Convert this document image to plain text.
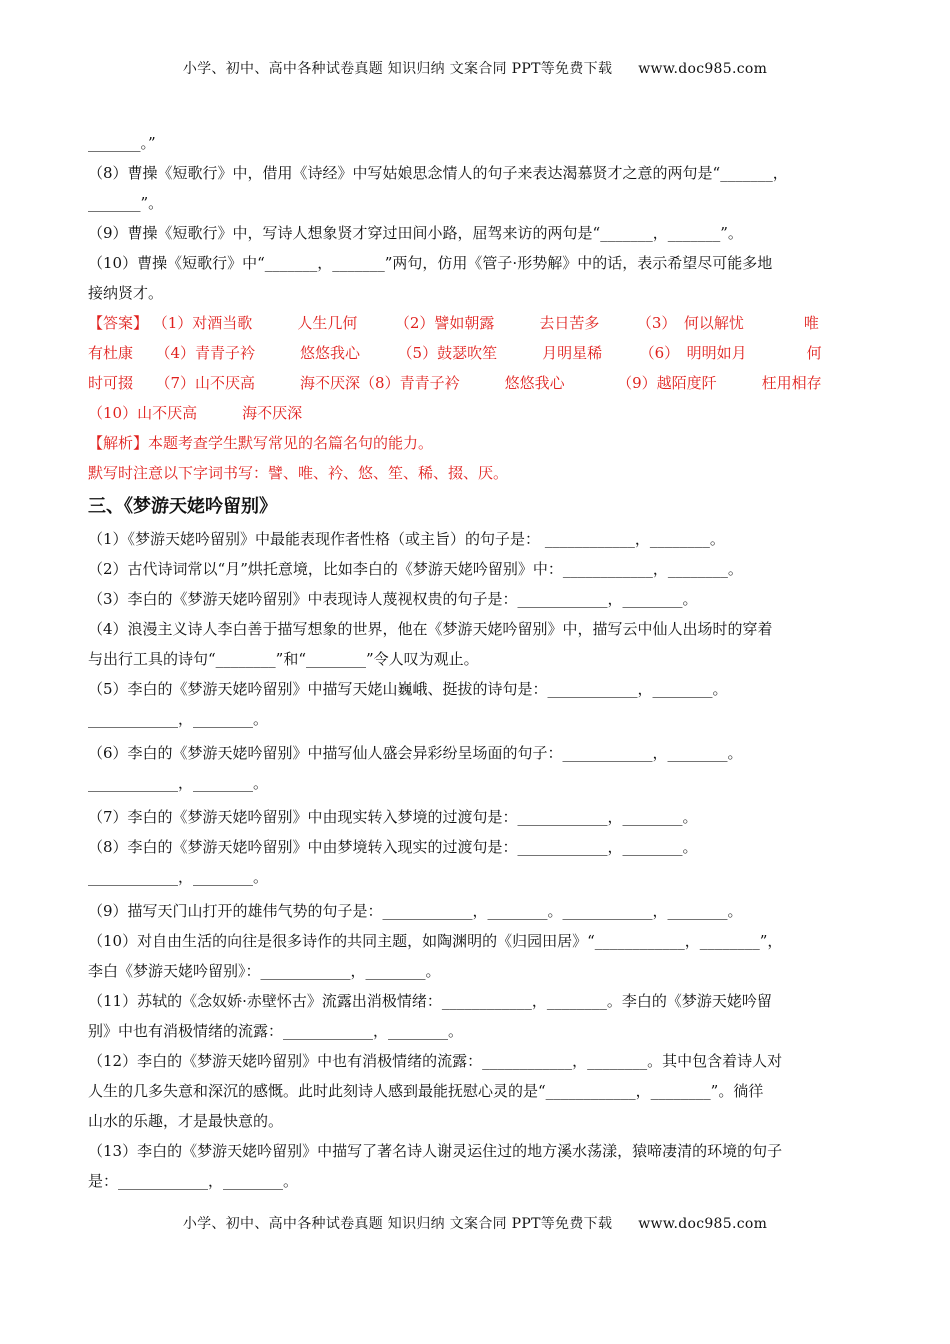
小学、初中、高中各种试卷真题 知识归纳 文案合同 PPT等免费下载 www.doc985.com
_______。”
（8）曹操《短歌行》中，借用《诗经》中写姑娘思念情人的句子来表达渴慕贤才之意的两句是“_______，
_______”。
（9）曹操《短歌行》中，写诗人想象贤才穿过田间小路，屈驾来访的两句是“_______，_______”。
（10）曹操《短歌行》中“_______，_______”两句，仿用《管子·形势解》中的话，表示希望尽可能多地
接纳贤才。
【答案】 （1）对酒当歌　　　人生几何　　　（2）譬如朝露　　　去日苦多　　　（3）　何以解忧　　　　唯
有杜康　　（4）青青子衿　　　悠悠我心　　　（5）鼓瑟吹笙　　　月明星稀　　　（6）　明明如月　　　　何
时可掇　　（7）山不厌高　　　海不厌深（8）青青子衿　　　悠悠我心　　　　（9）越陌度阡　　　枉用相存
（10）山不厌高　　　海不厌深
【解析】本题考查学生默写常见的名篇名句的能力。
默写时注意以下字词书写：譬、唯、衿、悠、笙、稀、掇、厌。
三、《梦游天姥吟留别》
（1）《梦游天姥吟留别》中最能表现作者性格（或主旨）的句子是： ____________，________。
（2）古代诗词常以“月”烘托意境，比如李白的《梦游天姥吟留别》中：____________，________。
（3）李白的《梦游天姥吟留别》中表现诗人蔑视权贵的句子是：____________，________。
（4）浪漫主义诗人李白善于描写想象的世界，他在《梦游天姥吟留别》中，描写云中仙人出场时的穿着
与出行工具的诗句“________”和“________”令人叹为观止。
（5）李白的《梦游天姥吟留别》中描写天姥山巍峨、挺拔的诗句是：____________，________。
____________，________。
（6）李白的《梦游天姥吟留别》中描写仙人盛会异彩纷呈场面的句子：____________，________。
____________，________。
（7）李白的《梦游天姥吟留别》中由现实转入梦境的过渡句是：____________，________。
（8）李白的《梦游天姥吟留别》中由梦境转入现实的过渡句是：____________，________。
____________，________。
（9）描写天门山打开的雄伟气势的句子是：____________，________。____________，________。
（10）对自由生活的向往是很多诗作的共同主题，如陶渊明的《归园田居》“____________，________”，
李白《梦游天姥吟留别》：____________，________。
（11）苏轼的《念奴娇·赤壁怀古》流露出消极情绪：____________，________。李白的《梦游天姥吟留
别》中也有消极情绪的流露：____________，________。
（12）李白的《梦游天姥吟留别》中也有消极情绪的流露：____________，________。其中包含着诗人对
人生的几多失意和深沉的感慨。此时此刻诗人感到最能抚慰心灵的是“____________，________”。徜徉
山水的乐趣，才是最快意的。
（13）李白的《梦游天姥吟留别》中描写了著名诗人谢灵运住过的地方溪水荡漾，猿啼凄清的环境的句子
是：____________，________。
小学、初中、高中各种试卷真题 知识归纳 文案合同 PPT等免费下载 www.doc985.com
